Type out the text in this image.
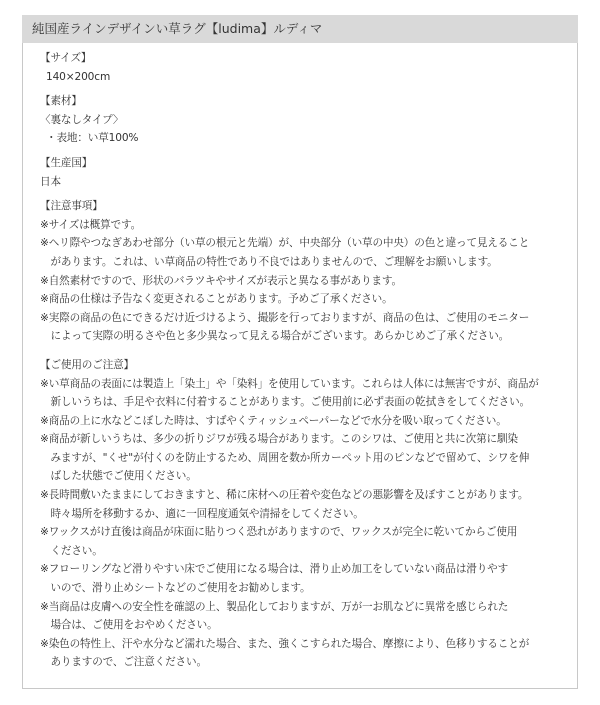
純国産ラインデザインい草ラグ【ludima】ルディマ
【サイズ】
140×200cm
【素材】
〈裏なしタイプ〉
・表地：い草100%
【生産国】
日本
【注意事項】
※サイズは概算です。
※ヘリ際やつなぎあわせ部分（い草の根元と先端）が、中央部分（い草の中央）の色と違って見えること
　があります。これは、い草商品の特性であり不良ではありませんので、ご理解をお願いします。
※自然素材ですので、形状のバラツキやサイズが表示と異なる事があります。
※商品の仕様は予告なく変更されることがあります。予めご了承ください。
※実際の商品の色にできるだけ近づけるよう、撮影を行っておりますが、商品の色は、ご使用のモニター
　によって実際の明るさや色と多少異なって見える場合がございます。あらかじめご了承ください。
【ご使用のご注意】
※い草商品の表面には製造上「染土」や「染料」を使用しています。これらは人体には無害ですが、商品が
　新しいうちは、手足や衣料に付着することがあります。ご使用前に必ず表面の乾拭きをしてください。
※商品の上に水などこぼした時は、すばやくティッシュペーパーなどで水分を吸い取ってください。
※商品が新しいうちは、多少の折りジワが残る場合があります。このシワは、ご使用と共に次第に馴染
　みますが、"くせ"が付くのを防止するため、周囲を数か所カーペット用のピンなどで留めて、シワを伸
　ばした状態でご使用ください。
※長時間敷いたままにしておきますと、稀に床材への圧着や変色などの悪影響を及ぼすことがあります。
　時々場所を移動するか、適に一回程度通気や清掃をしてください。
※ワックスがけ直後は商品が床面に貼りつく恐れがありますので、ワックスが完全に乾いてからご使用
　ください。
※フローリングなど滑りやすい床でご使用になる場合は、滑り止め加工をしていない商品は滑りやす
　いので、滑り止めシートなどのご使用をお勧めします。
※当商品は皮膚への安全性を確認の上、製品化しておりますが、万が一お肌などに異常を感じられた
　場合は、ご使用をおやめください。
※染色の特性上、汗や水分など濡れた場合、また、強くこすられた場合、摩擦により、色移りすることが
　ありますので、ご注意ください。
